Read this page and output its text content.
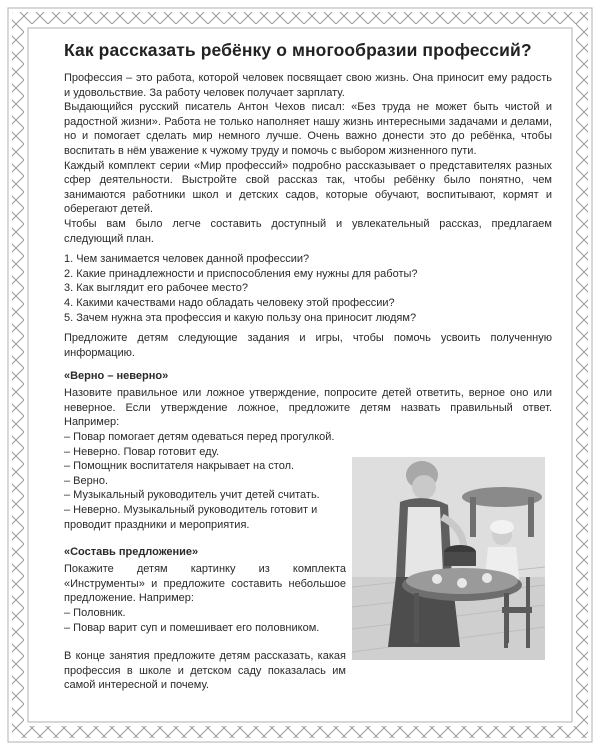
Как рассказать ребёнку о многообразии профессий?

Профессия – это работа, которой человек посвящает свою жизнь. Она приносит ему радость и удовольствие. За работу человек получает зарплату.

Выдающийся русский писатель Антон Чехов писал: «Без труда не может быть чистой и радостной жизни». Работа не только наполняет нашу жизнь интересными задачами и делами, но и помогает сделать мир немного лучше. Очень важно донести это до ребёнка, чтобы воспитать в нём уважение к чужому труду и помочь с выбором жизненного пути.

Каждый комплект серии «Мир профессий» подробно рассказывает о представителях разных сфер деятельности. Выстройте свой рассказ так, чтобы ребёнку было понятно, чем занимаются работники школ и детских садов, которые обучают, воспитывают, кормят и оберегают детей.

Чтобы вам было легче составить доступный и увлекательный рассказ, предлагаем следующий план.

1. Чем занимается человек данной профессии?
2. Какие принадлежности и приспособления ему нужны для работы?
3. Как выглядит его рабочее место?
4. Какими качествами надо обладать человеку этой профессии?
5. Зачем нужна эта профессия и какую пользу она приносит людям?

Предложите детям следующие задания и игры, чтобы помочь усвоить полученную информацию.

«Верно – неверно»

Назовите правильное или ложное утверждение, попросите детей ответить, верное оно или неверное. Если утверждение ложное, предложите детям назвать правильный ответ. Например:

– Повар помогает детям одеваться перед прогулкой.
– Неверно. Повар готовит еду.
– Помощник воспитателя накрывает на стол.
– Верно.
– Музыкальный руководитель учит детей считать.
– Неверно. Музыкальный руководитель готовит и проводит праздники и мероприятия.
«Составь предложение»

Покажите детям картинку из комплекта «Инструменты» и предложите составить небольшое предложение. Например:

– Половник.
– Повар варит суп и помешивает его половником.

В конце занятия предложите детям рассказать, какая профессия в школе и детском саду показалась им самой интересной и почему.
